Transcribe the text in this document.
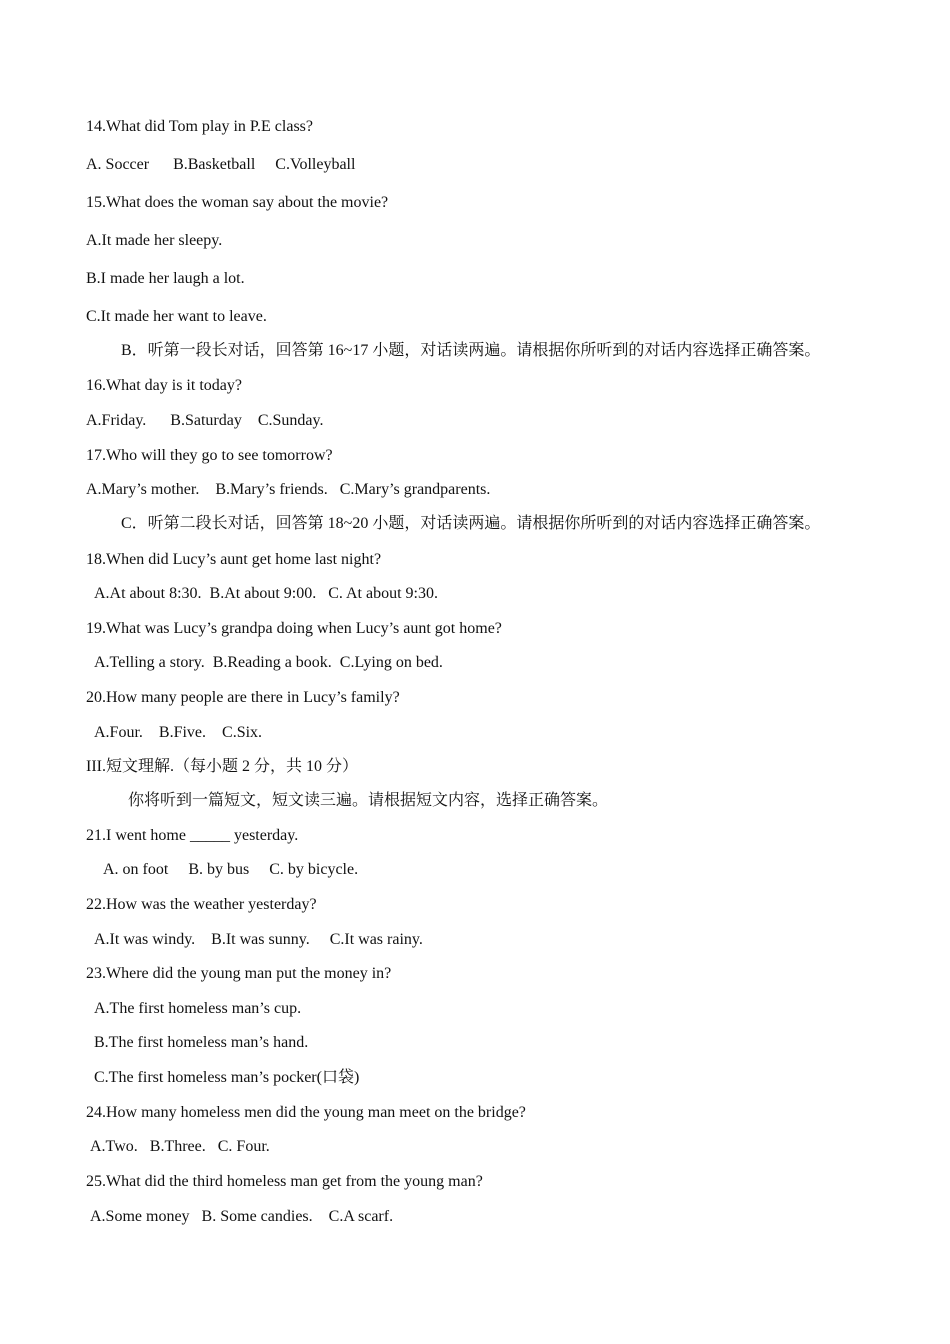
14.What did Tom play in P.E class?
A. Soccer      B.Basketball     C.Volleyball
15.What does the woman say about the movie?
A.It made her sleepy.
B.I made her laugh a lot.
C.It made her want to leave.
B．听第一段长对话，回答第 16~17 小题，对话读两遍。请根据你所听到的对话内容选择正确答案。
16.What day is it today?
A.Friday.      B.Saturday    C.Sunday.
17.Who will they go to see tomorrow?
A.Mary’s mother.    B.Mary’s friends.   C.Mary’s grandparents.
C．听第二段长对话，回答第 18~20 小题，对话读两遍。请根据你所听到的对话内容选择正确答案。
18.When did Lucy’s aunt get home last night?
A.At about 8:30.  B.At about 9:00.   C. At about 9:30.
19.What was Lucy’s grandpa doing when Lucy’s aunt got home?
A.Telling a story.  B.Reading a book.  C.Lying on bed.
20.How many people are there in Lucy’s family?
A.Four.    B.Five.    C.Six.
III.短文理解.（每小题 2 分，共 10 分）
你将听到一篇短文，短文读三遍。请根据短文内容，选择正确答案。
21.I went home _____ yesterday.
A. on foot     B. by bus     C. by bicycle.
22.How was the weather yesterday?
A.It was windy.    B.It was sunny.     C.It was rainy.
23.Where did the young man put the money in?
A.The first homeless man’s cup.
B.The first homeless man’s hand.
C.The first homeless man’s pocker(口袋)
24.How many homeless men did the young man meet on the bridge?
A.Two.   B.Three.   C. Four.
25.What did the third homeless man get from the young man?
A.Some money   B. Some candies.    C.A scarf.
